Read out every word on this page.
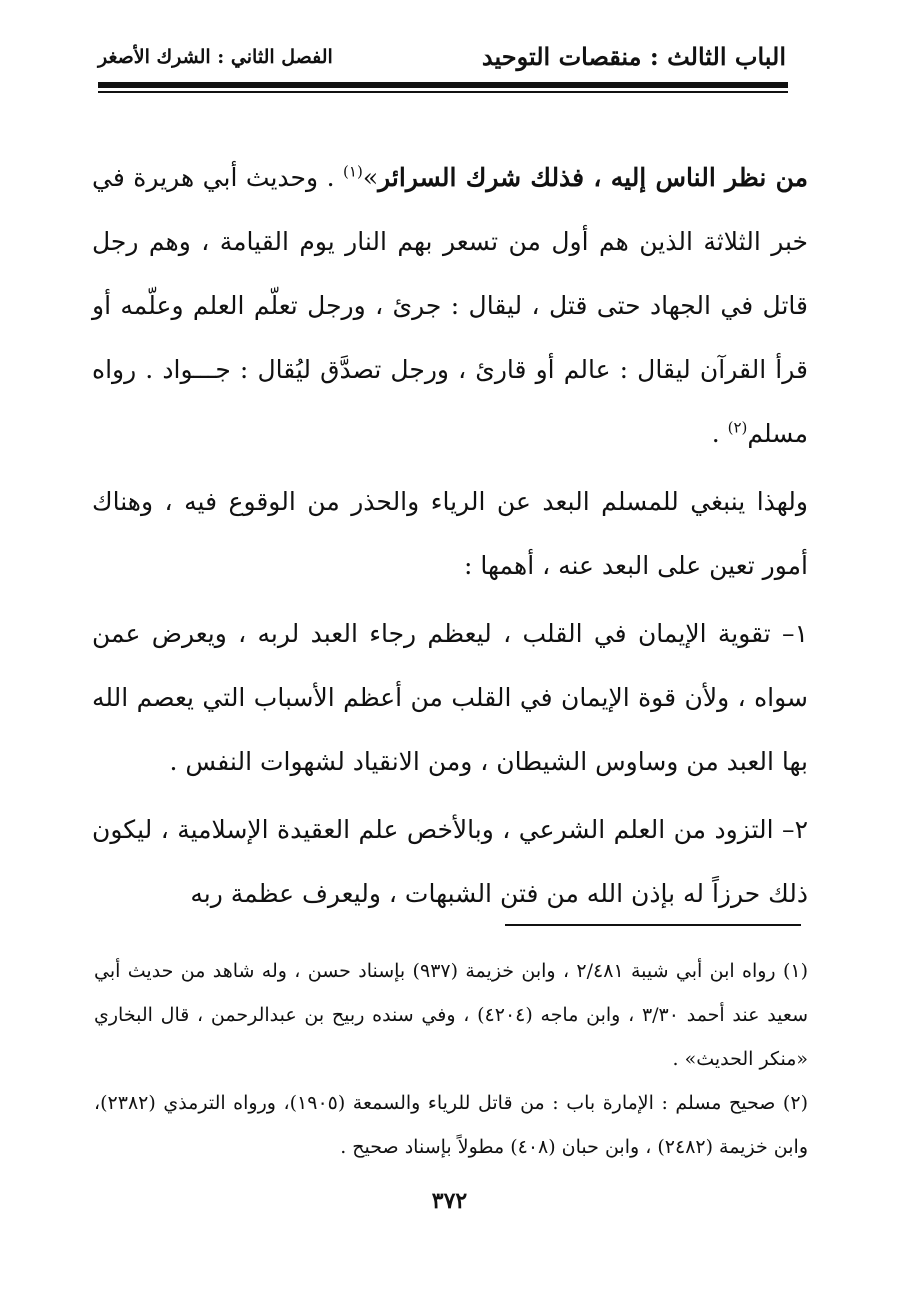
الباب الثالث : منقصات التوحيد
الفصل الثاني : الشرك الأصغر

من نظر الناس إليه ، فذلك شرك السرائر»$^{(١)}$ . وحديث أبي هريرة في خبر الثلاثة الذين هم أول من تسعر بهم النار يوم القيامة ، وهم رجل قاتل في الجهاد حتى قتل ، ليقال : جرئ ، ورجل تعلّم العلم وعلّمه أو قرأ القرآن ليقال : عالم أو قارئ ، ورجل تصدَّق ليُقال : جـــواد . رواه مسلم$^{(٢)}$ .

ولهذا ينبغي للمسلم البعد عن الرياء والحذر من الوقوع فيه ، وهناك أمور تعين على البعد عنه ، أهمها :

١– تقوية الإيمان في القلب ، ليعظم رجاء العبد لربه ، ويعرض عمن سواه ، ولأن قوة الإيمان في القلب من أعظم الأسباب التي يعصم الله بها العبد من وساوس الشيطان ، ومن الانقياد لشهوات النفس .

٢– التزود من العلم الشرعي ، وبالأخص علم العقيدة الإسلامية ، ليكون ذلك حرزاً له بإذن الله من فتن الشبهات ، وليعرف عظمة ربه

(١) رواه ابن أبي شيبة ٢/٤٨١ ، وابن خزيمة (٩٣٧) بإسناد حسن ، وله شاهد من حديث أبي سعيد عند أحمد ٣/٣٠ ، وابن ماجه (٤٢٠٤) ، وفي سنده ربيح بن عبدالرحمن ، قال البخاري «منكر الحديث» .

(٢) صحيح مسلم : الإمارة باب : من قاتل للرياء والسمعة (١٩٠٥)، ورواه الترمذي (٢٣٨٢)، وابن خزيمة (٢٤٨٢) ، وابن حبان (٤٠٨) مطولاً بإسناد صحيح .

٣٧٢
